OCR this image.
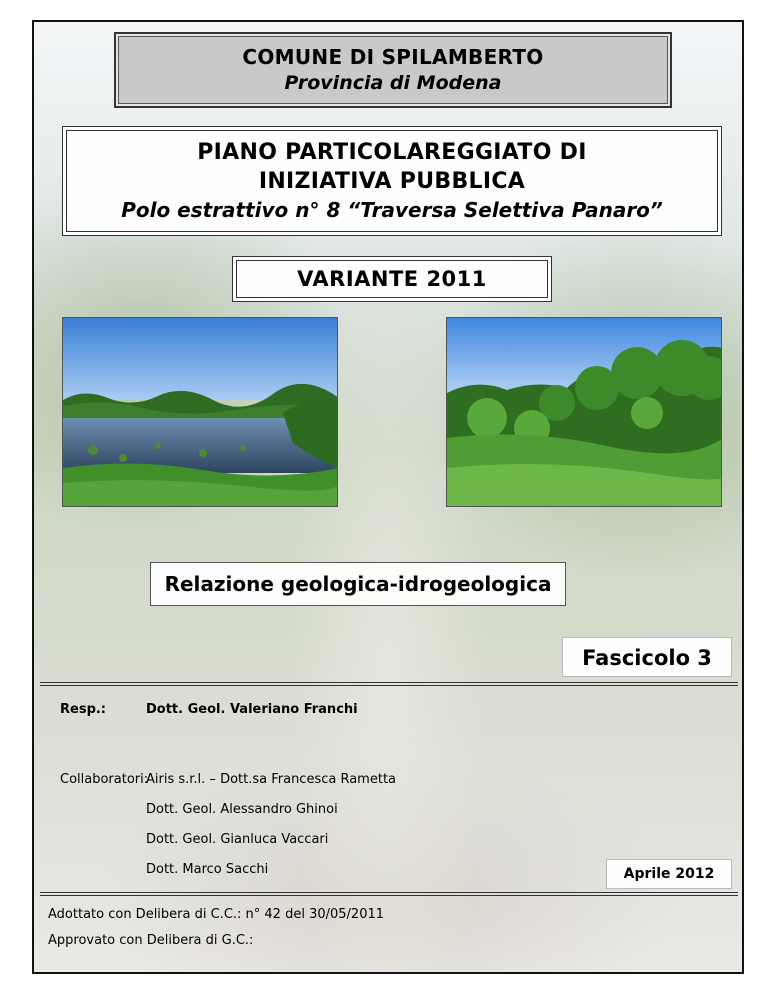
COMUNE DI SPILAMBERTO
Provincia di Modena
PIANO PARTICOLAREGGIATO DI
INIZIATIVA PUBBLICA
Polo estrattivo n° 8 “Traversa Selettiva Panaro”
VARIANTE 2011
Relazione geologica-idrogeologica
Fascicolo 3
Resp.:	Dott. Geol. Valeriano Franchi
Collaboratori:
Airis s.r.l. – Dott.sa Francesca Rametta
Dott. Geol. Alessandro Ghinoi
Dott. Geol. Gianluca Vaccari
Dott. Marco Sacchi	Aprile 2012
Adottato con Delibera di C.C.: n° 42 del 30/05/2011
Approvato con Delibera di G.C.:
